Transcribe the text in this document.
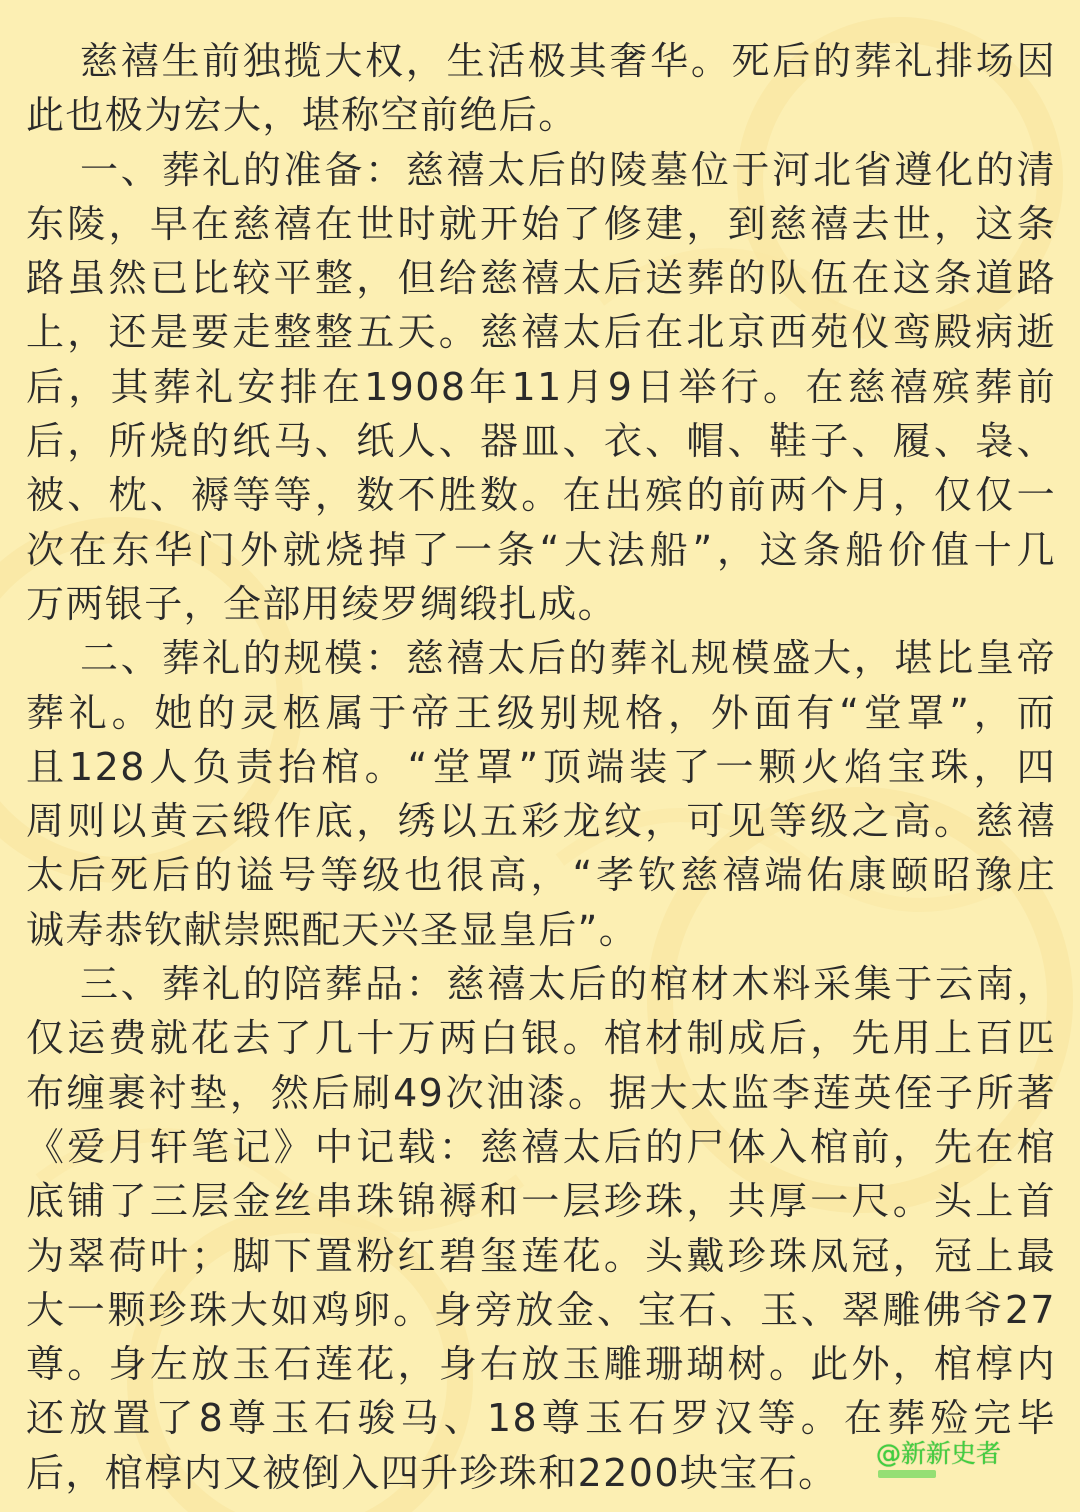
慈禧生前独揽大权，生活极其奢华。死后的葬礼排场因
此也极为宏大，堪称空前绝后。
一、葬礼的准备：慈禧太后的陵墓位于河北省遵化的清
东陵，早在慈禧在世时就开始了修建，到慈禧去世，这条
路虽然已比较平整，但给慈禧太后送葬的队伍在这条道路
上，还是要走整整五天。慈禧太后在北京西苑仪鸾殿病逝
后，其葬礼安排在1908年11月9日举行。在慈禧殡葬前
后，所烧的纸马、纸人、器皿、衣、帽、鞋子、履、袅、
被、枕、褥等等，数不胜数。在出殡的前两个月，仅仅一
次在东华门外就烧掉了一条“大法船”，这条船价值十几
万两银子，全部用绫罗绸缎扎成。
二、葬礼的规模：慈禧太后的葬礼规模盛大，堪比皇帝
葬礼。她的灵柩属于帝王级别规格，外面有“堂罩”，而
且128人负责抬棺。“堂罩”顶端装了一颗火焰宝珠，四
周则以黄云缎作底，绣以五彩龙纹，可见等级之高。慈禧
太后死后的谥号等级也很高，“孝钦慈禧端佑康颐昭豫庄
诚寿恭钦献崇熙配天兴圣显皇后”。
三、葬礼的陪葬品：慈禧太后的棺材木料采集于云南，
仅运费就花去了几十万两白银。棺材制成后，先用上百匹
布缠裹衬垫，然后刷49次油漆。据大太监李莲英侄子所著
《爱月轩笔记》中记载：慈禧太后的尸体入棺前，先在棺
底铺了三层金丝串珠锦褥和一层珍珠，共厚一尺。头上首
为翠荷叶；脚下置粉红碧玺莲花。头戴珍珠凤冠，冠上最
大一颗珍珠大如鸡卵。身旁放金、宝石、玉、翠雕佛爷27
尊。身左放玉石莲花，身右放玉雕珊瑚树。此外，棺椁内
还放置了8尊玉石骏马、18尊玉石罗汉等。在葬殓完毕
后，棺椁内又被倒入四升珍珠和2200块宝石。	@新新史者
